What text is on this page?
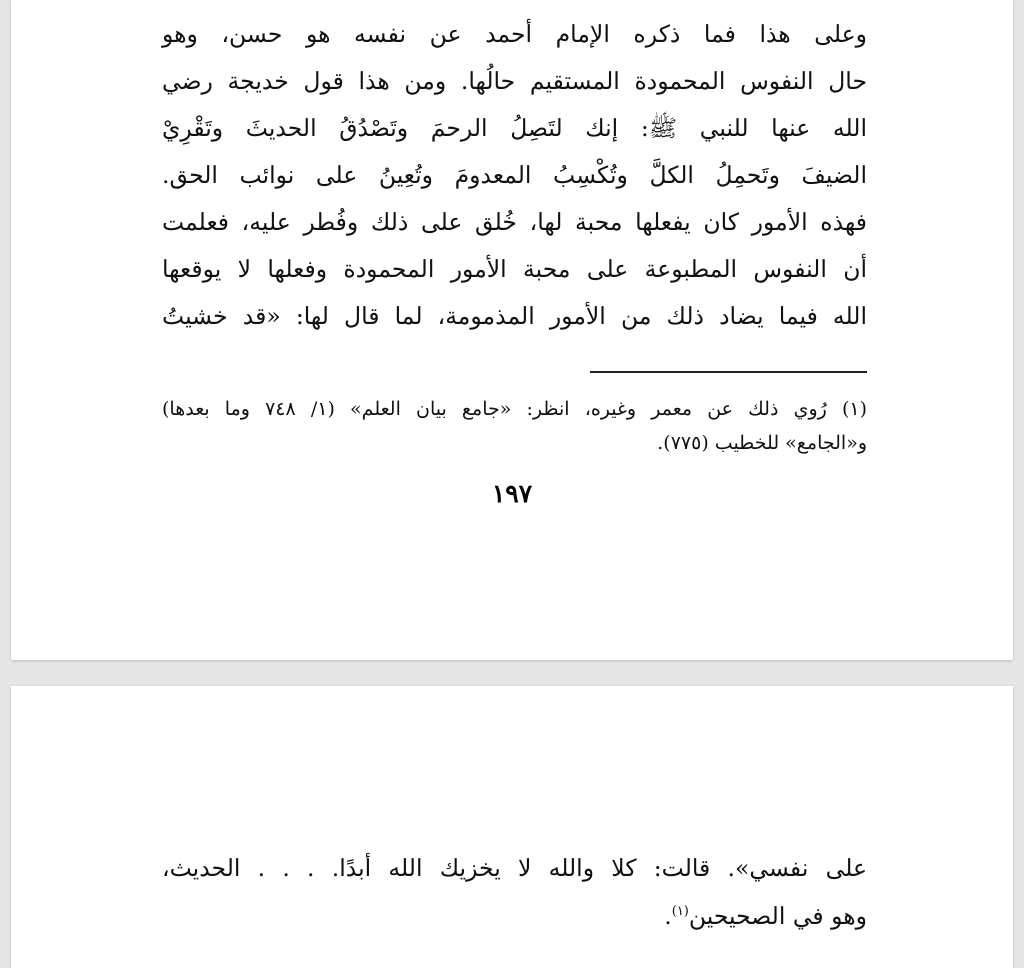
وعلى هذا فما ذكره الإمام أحمد عن نفسه هو حسن، وهو
حال النفوس المحمودة المستقيم حالُها. ومن هذا قول خديجة رضي
الله عنها للنبي ﷺ: إنك لتَصِلُ الرحمَ وتَصْدُقُ الحديثَ وتَقْرِيْ
الضيفَ وتَحمِلُ الكلَّ وتُكْسِبُ المعدومَ وتُعِينُ على نوائب الحق.
فهذه الأمور كان يفعلها محبة لها، خُلق على ذلك وفُطر عليه، فعلمت
أن النفوس المطبوعة على محبة الأمور المحمودة وفعلها لا يوقعها
الله فيما يضاد ذلك من الأمور المذمومة، لما قال لها: «قد خشيتُ
(١) رُوي ذلك عن معمر وغيره، انظر: «جامع بيان العلم» (١/ ٧٤٨ وما بعدها)
و«الجامع» للخطيب (٧٧٥).
١٩٧
على نفسي». قالت: كلا والله لا يخزيك الله أبدًا. . . . الحديث،
وهو في الصحيحين$^{(١)}$.
